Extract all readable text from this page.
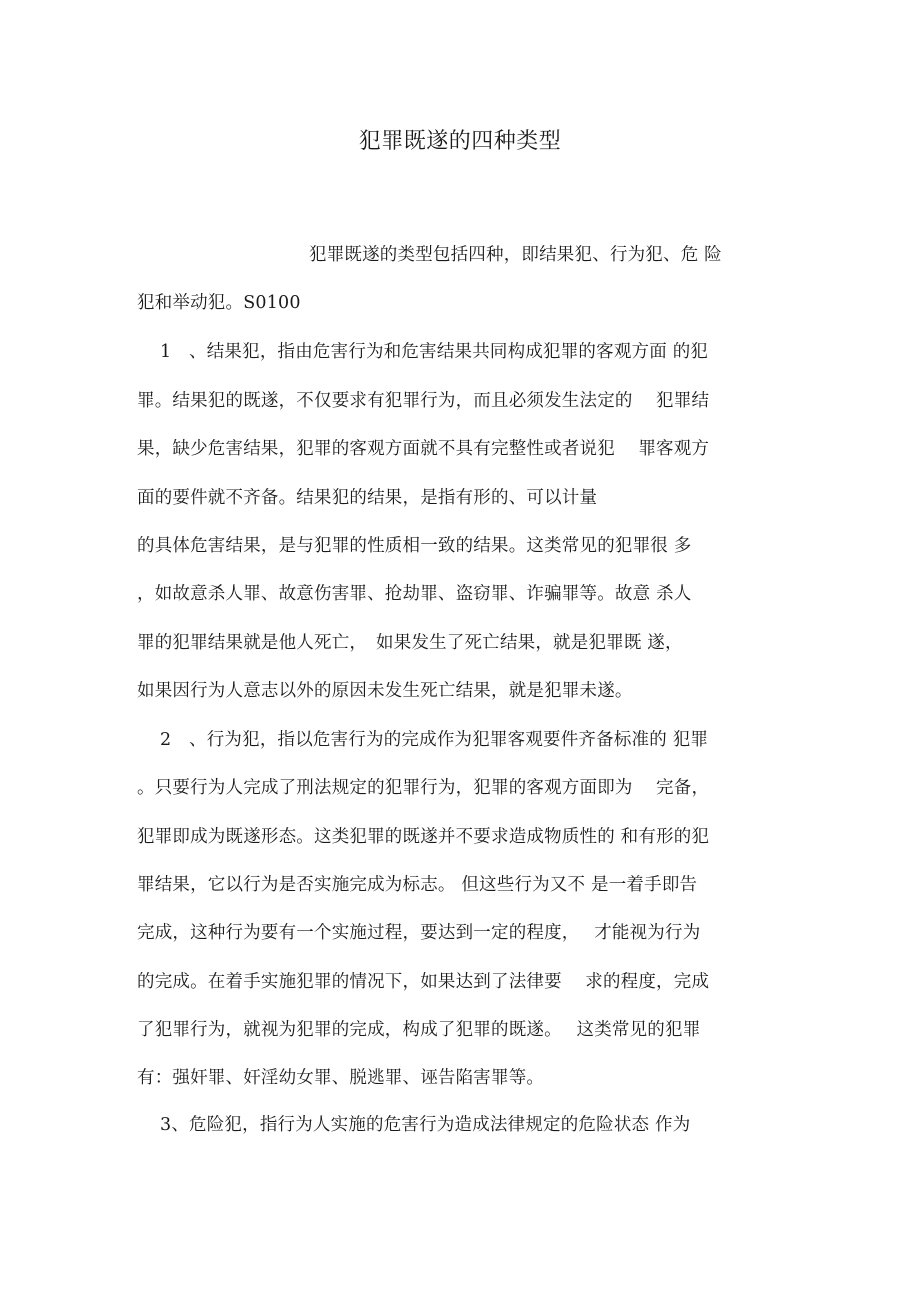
犯罪既遂的四种类型
犯罪既遂的类型包括四种，即结果犯、行为犯、危 险
犯和举动犯。S0100
1　、结果犯，指由危害行为和危害结果共同构成犯罪的客观方面 的犯
罪。结果犯的既遂，不仅要求有犯罪行为，而且必须发生法定的 　犯罪结
果，缺少危害结果，犯罪的客观方面就不具有完整性或者说犯 　罪客观方
面的要件就不齐备。结果犯的结果，是指有形的、可以计量
的具体危害结果，是与犯罪的性质相一致的结果。这类常见的犯罪很 多
，如故意杀人罪、故意伤害罪、抢劫罪、盗窃罪、诈骗罪等。故意 杀人
罪的犯罪结果就是他人死亡，　如果发生了死亡结果，就是犯罪既 遂，
如果因行为人意志以外的原因未发生死亡结果，就是犯罪未遂。
2　、行为犯，指以危害行为的完成作为犯罪客观要件齐备标准的 犯罪
。只要行为人完成了刑法规定的犯罪行为，犯罪的客观方面即为 　完备，
犯罪即成为既遂形态。这类犯罪的既遂并不要求造成物质性的 和有形的犯
罪结果，它以行为是否实施完成为标志。 但这些行为又不 是一着手即告
完成，这种行为要有一个实施过程，要达到一定的程度，　 才能视为行为
的完成。在着手实施犯罪的情况下，如果达到了法律要 　求的程度，完成
了犯罪行为，就视为犯罪的完成，构成了犯罪的既遂。　 这类常见的犯罪
有：强奸罪、奸淫幼女罪、脱逃罪、诬告陷害罪等。
3、危险犯，指行为人实施的危害行为造成法律规定的危险状态 作为
